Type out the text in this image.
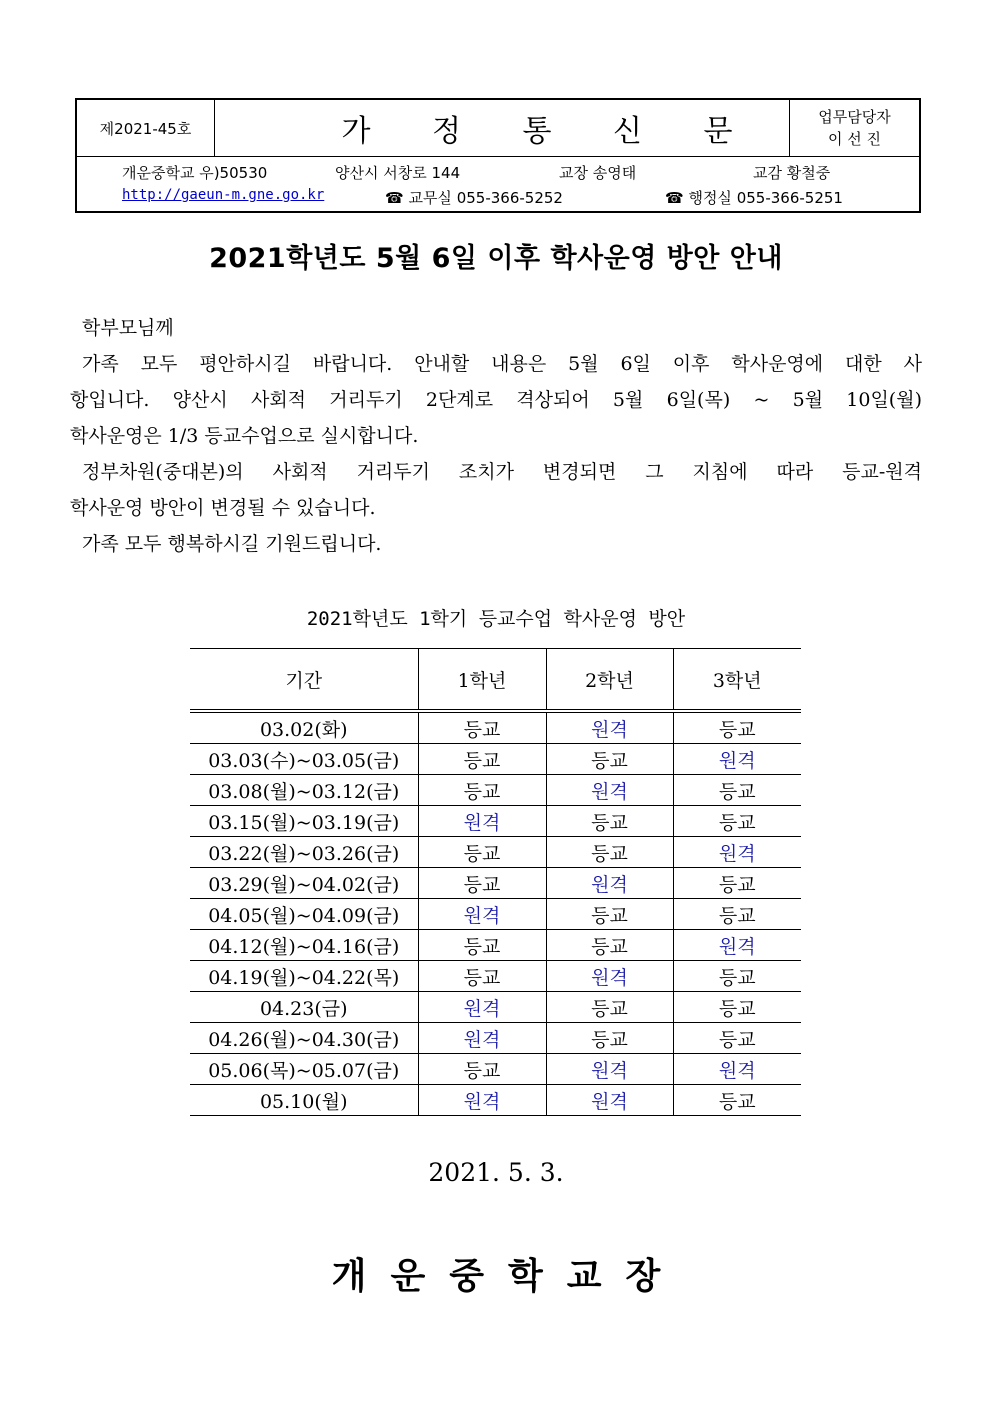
제2021-45호	가 정 통 신 문	업무담당자
이 선 진
개운중학교 우)50530	양산시 서창로 144	교장 송영태	교감 황철중
http://gaeun-m.gne.go.kr	☎ 교무실 055-366-5252	☎ 행정실 055-366-5251
2021학년도 5월 6일 이후 학사운영 방안 안내

학부모님께

가족 모두 평안하시길 바랍니다. 안내할 내용은 5월 6일 이후 학사운영에 대한 사

항입니다. 양산시 사회적 거리두기 2단계로 격상되어 5월 6일(목) ~ 5월 10일(월)

학사운영은 1/3 등교수업으로 실시합니다.

정부차원(중대본)의 사회적 거리두기 조치가 변경되면 그 지침에 따라 등교-원격

학사운영 방안이 변경될 수 있습니다.

가족 모두 행복하시길 기원드립니다.

2021학년도 1학기 등교수업 학사운영 방안
기간	1학년	2학년	3학년
03.02(화)	등교	원격	등교
03.03(수)~03.05(금)	등교	등교	원격
03.08(월)~03.12(금)	등교	원격	등교
03.15(월)~03.19(금)	원격	등교	등교
03.22(월)~03.26(금)	등교	등교	원격
03.29(월)~04.02(금)	등교	원격	등교
04.05(월)~04.09(금)	원격	등교	등교
04.12(월)~04.16(금)	등교	등교	원격
04.19(월)~04.22(목)	등교	원격	등교
04.23(금)	원격	등교	등교
04.26(월)~04.30(금)	원격	등교	등교
05.06(목)~05.07(금)	등교	원격	원격
05.10(월)	원격	원격	등교
2021. 5. 3.
개운중학교장
